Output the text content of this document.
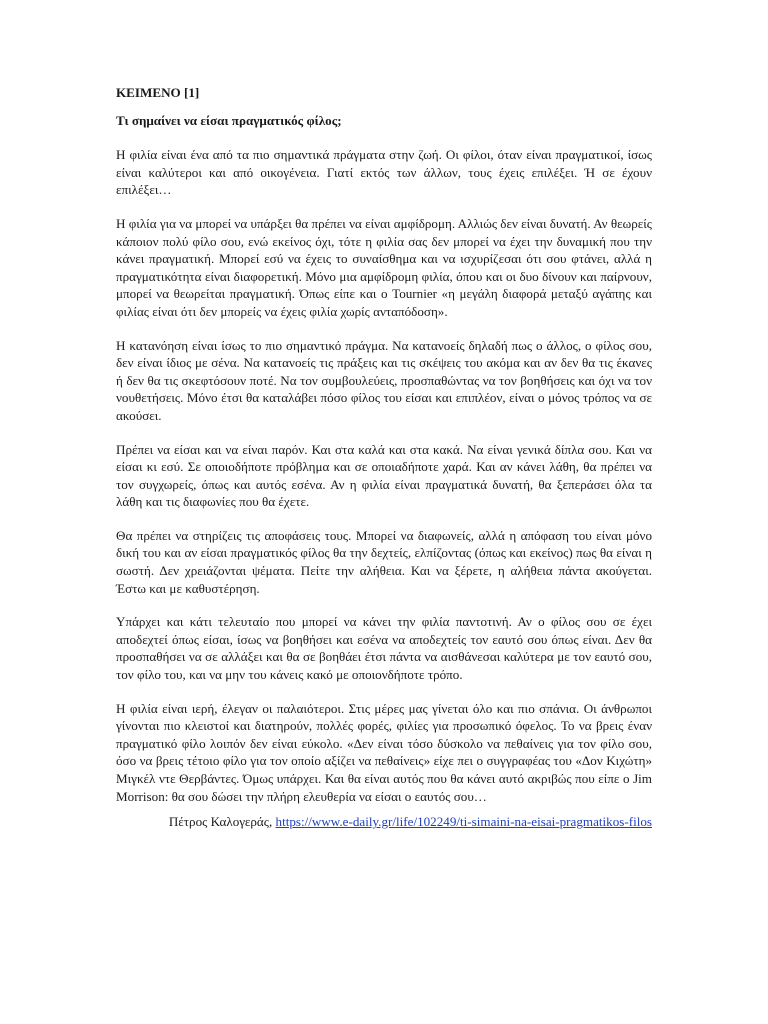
ΚΕΙΜΕΝΟ [1]

Τι σημαίνει να είσαι πραγματικός φίλος;

Η φιλία είναι ένα από τα πιο σημαντικά πράγματα στην ζωή. Οι φίλοι, όταν είναι πραγματικοί, ίσως είναι καλύτεροι και από οικογένεια. Γιατί εκτός των άλλων, τους έχεις επιλέξει. Ή σε έχουν επιλέξει…

Η φιλία για να μπορεί να υπάρξει θα πρέπει να είναι αμφίδρομη. Αλλιώς δεν είναι δυνατή. Αν θεωρείς κάποιον πολύ φίλο σου, ενώ εκείνος όχι, τότε η φιλία σας δεν μπορεί να έχει την δυναμική που την κάνει πραγματική. Μπορεί εσύ να έχεις το συναίσθημα και να ισχυρίζεσαι ότι σου φτάνει, αλλά η πραγματικότητα είναι διαφορετική. Μόνο μια αμφίδρομη φιλία, όπου και οι δυο δίνουν και παίρνουν, μπορεί να θεωρείται πραγματική. Όπως είπε και ο Tournier «η μεγάλη διαφορά μεταξύ αγάπης και φιλίας είναι ότι δεν μπορείς να έχεις φιλία χωρίς ανταπόδοση».

Η κατανόηση είναι ίσως το πιο σημαντικό πράγμα. Να κατανοείς δηλαδή πως ο άλλος, ο φίλος σου, δεν είναι ίδιος με σένα. Να κατανοείς τις πράξεις και τις σκέψεις του ακόμα και αν δεν θα τις έκανες ή δεν θα τις σκεφτόσουν ποτέ. Να τον συμβουλεύεις, προσπαθώντας να τον βοηθήσεις και όχι να τον νουθετήσεις. Μόνο έτσι θα καταλάβει πόσο φίλος του είσαι και επιπλέον, είναι ο μόνος τρόπος να σε ακούσει.

Πρέπει να είσαι και να είναι παρόν. Και στα καλά και στα κακά. Να είναι γενικά δίπλα σου. Και να είσαι κι εσύ. Σε οποιοδήποτε πρόβλημα και σε οποιαδήποτε χαρά. Και αν κάνει λάθη, θα πρέπει να τον συγχωρείς, όπως και αυτός εσένα. Αν η φιλία είναι πραγματικά δυνατή, θα ξεπεράσει όλα τα λάθη και τις διαφωνίες που θα έχετε.

Θα πρέπει να στηρίζεις τις αποφάσεις τους. Μπορεί να διαφωνείς, αλλά η απόφαση του είναι μόνο δική του και αν είσαι πραγματικός φίλος θα την δεχτείς, ελπίζοντας (όπως και εκείνος) πως θα είναι η σωστή. Δεν χρειάζονται ψέματα. Πείτε την αλήθεια. Και να ξέρετε, η αλήθεια πάντα ακούγεται. Έστω και με καθυστέρηση.

Υπάρχει και κάτι τελευταίο που μπορεί να κάνει την φιλία παντοτινή. Αν ο φίλος σου σε έχει αποδεχτεί όπως είσαι, ίσως να βοηθήσει και εσένα να αποδεχτείς τον εαυτό σου όπως είναι. Δεν θα προσπαθήσει να σε αλλάξει και θα σε βοηθάει έτσι πάντα να αισθάνεσαι καλύτερα με τον εαυτό σου, τον φίλο του, και να μην του κάνεις κακό με οποιονδήποτε τρόπο.

Η φιλία είναι ιερή, έλεγαν οι παλαιότεροι. Στις μέρες μας γίνεται όλο και πιο σπάνια. Οι άνθρωποι γίνονται πιο κλειστοί και διατηρούν, πολλές φορές, φιλίες για προσωπικό όφελος. Το να βρεις έναν πραγματικό φίλο λοιπόν δεν είναι εύκολο. «Δεν είναι τόσο δύσκολο να πεθαίνεις για τον φίλο σου, όσο να βρεις τέτοιο φίλο για τον οποίο αξίζει να πεθαίνεις» είχε πει ο συγγραφέας του «Δον Κιχώτη» Μιγκέλ ντε Θερβάντες. Όμως υπάρχει. Και θα είναι αυτός που θα κάνει αυτό ακριβώς που είπε ο Jim Morrison: θα σου δώσει την πλήρη ελευθερία να είσαι ο εαυτός σου…

Πέτρος Καλογεράς, https://www.e-daily.gr/life/102249/ti-simaini-na-eisai-pragmatikos-filos
